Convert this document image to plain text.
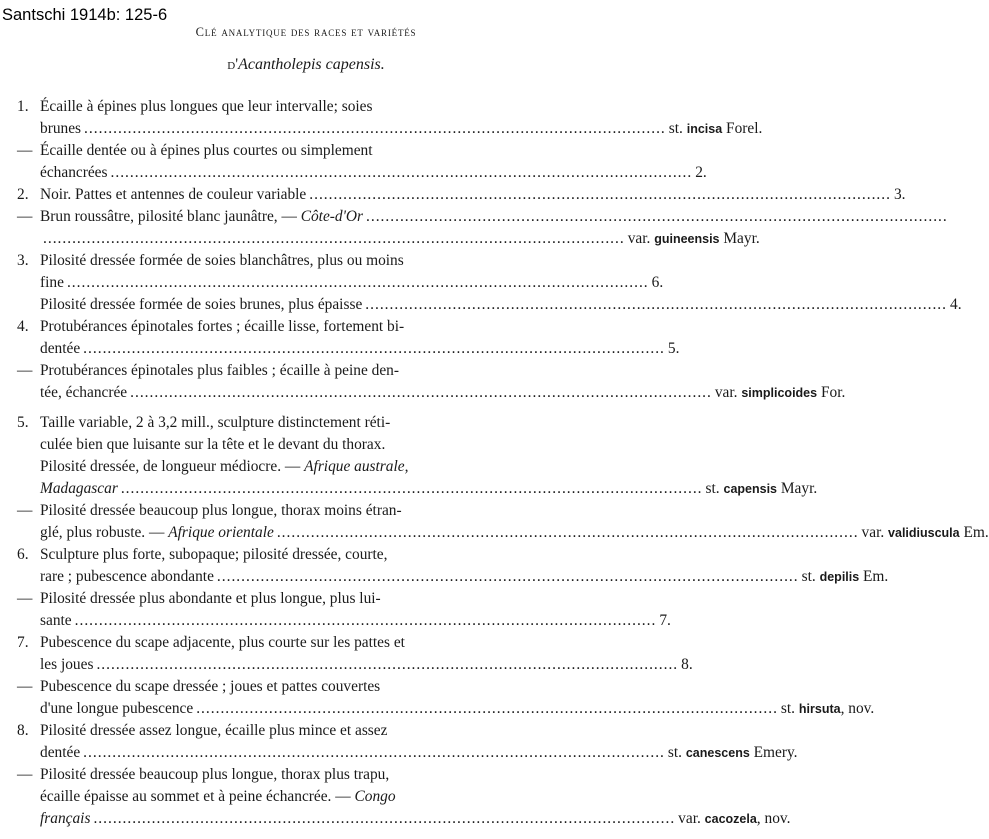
Santschi 1914b: 125-6
Clé analytique des races et variétés
d'Acantholepis capensis.
1. Écaille à épines plus longues que leur intervalle; soies
brunes ........................................................................................................................ st. incisa Forel.
— Écaille dentée ou à épines plus courtes ou simplement
échancrées ........................................................................................................................ 2.
2. Noir. Pattes et antennes de couleur variable ........................................................................................................................ 3.
— Brun roussâtre, pilosité blanc jaunâtre, — Côte-d'Or ........................................................................................................................
........................................................................................................................ var. guineensis Mayr.
3. Pilosité dressée formée de soies blanchâtres, plus ou moins
fine ........................................................................................................................ 6.
Pilosité dressée formée de soies brunes, plus épaisse ........................................................................................................................ 4.
4. Protubérances épinotales fortes ; écaille lisse, fortement bi-
dentée ........................................................................................................................ 5.
— Protubérances épinotales plus faibles ; écaille à peine den-
tée, échancrée ........................................................................................................................ var. simplicoides For.
5. Taille variable, 2 à 3,2 mill., sculpture distinctement réti-
culée bien que luisante sur la tête et le devant du thorax.
Pilosité dressée, de longueur médiocre. — Afrique australe,
Madagascar ........................................................................................................................ st. capensis Mayr.
— Pilosité dressée beaucoup plus longue, thorax moins étran-
glé, plus robuste. — Afrique orientale ........................................................................................................................ var. validiuscula Em.
6. Sculpture plus forte, subopaque; pilosité dressée, courte,
rare ; pubescence abondante ........................................................................................................................ st. depilis Em.
— Pilosité dressée plus abondante et plus longue, plus lui-
sante ........................................................................................................................ 7.
7. Pubescence du scape adjacente, plus courte sur les pattes et
les joues ........................................................................................................................ 8.
— Pubescence du scape dressée ; joues et pattes couvertes
d'une longue pubescence ........................................................................................................................ st. hirsuta, nov.
8. Pilosité dressée assez longue, écaille plus mince et assez
dentée ........................................................................................................................ st. canescens Emery.
— Pilosité dressée beaucoup plus longue, thorax plus trapu,
écaille épaisse au sommet et à peine échancrée. — Congo
français ........................................................................................................................ var. cacozela, nov.
